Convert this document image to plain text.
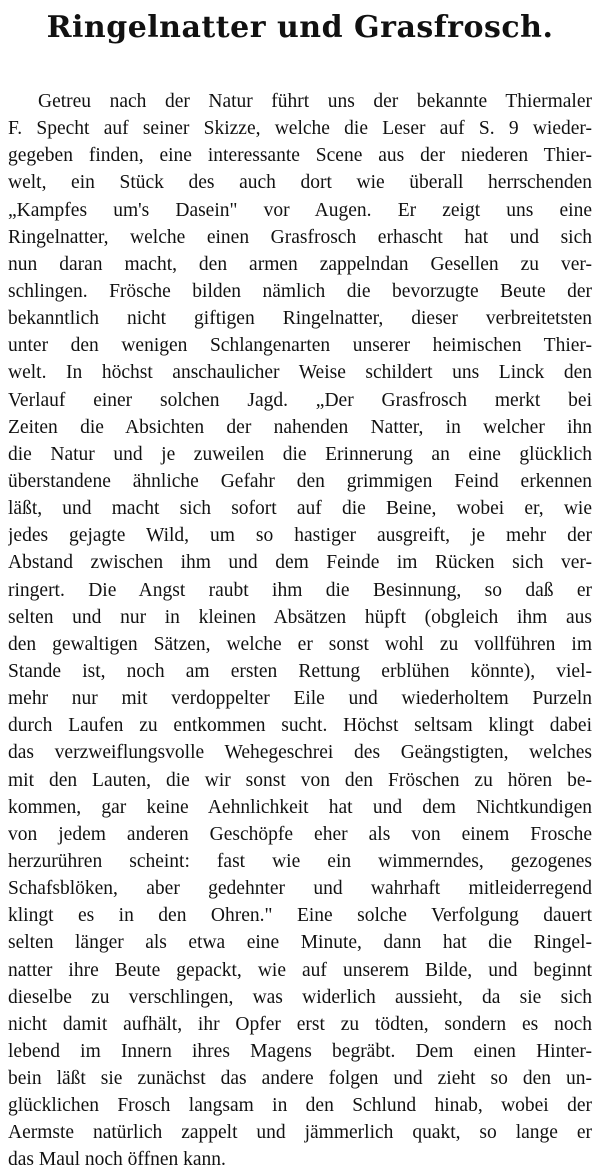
Ringelnatter und Grasfrosch.
Getreu nach der Natur führt uns der bekannte Thiermaler
F. Specht auf seiner Skizze, welche die Leser auf S. 9 wieder-
gegeben finden, eine interessante Scene aus der niederen Thier-
welt, ein Stück des auch dort wie überall herrschenden
„Kampfes um's Dasein" vor Augen. Er zeigt uns eine
Ringelnatter, welche einen Grasfrosch erhascht hat und sich
nun daran macht, den armen zappelndan Gesellen zu ver-
schlingen. Frösche bilden nämlich die bevorzugte Beute der
bekanntlich nicht giftigen Ringelnatter, dieser verbreitetsten
unter den wenigen Schlangenarten unserer heimischen Thier-
welt. In höchst anschaulicher Weise schildert uns Linck den
Verlauf einer solchen Jagd. „Der Grasfrosch merkt bei
Zeiten die Absichten der nahenden Natter, in welcher ihn
die Natur und je zuweilen die Erinnerung an eine glücklich
überstandene ähnliche Gefahr den grimmigen Feind erkennen
läßt, und macht sich sofort auf die Beine, wobei er, wie
jedes gejagte Wild, um so hastiger ausgreift, je mehr der
Abstand zwischen ihm und dem Feinde im Rücken sich ver-
ringert. Die Angst raubt ihm die Besinnung, so daß er
selten und nur in kleinen Absätzen hüpft (obgleich ihm aus
den gewaltigen Sätzen, welche er sonst wohl zu vollführen im
Stande ist, noch am ersten Rettung erblühen könnte), viel-
mehr nur mit verdoppelter Eile und wiederholtem Purzeln
durch Laufen zu entkommen sucht. Höchst seltsam klingt dabei
das verzweiflungsvolle Wehegeschrei des Geängstigten, welches
mit den Lauten, die wir sonst von den Fröschen zu hören be-
kommen, gar keine Aehnlichkeit hat und dem Nichtkundigen
von jedem anderen Geschöpfe eher als von einem Frosche
herzurühren scheint: fast wie ein wimmerndes, gezogenes
Schafsblöken, aber gedehnter und wahrhaft mitleiderregend
klingt es in den Ohren." Eine solche Verfolgung dauert
selten länger als etwa eine Minute, dann hat die Ringel-
natter ihre Beute gepackt, wie auf unserem Bilde, und beginnt
dieselbe zu verschlingen, was widerlich aussieht, da sie sich
nicht damit aufhält, ihr Opfer erst zu tödten, sondern es noch
lebend im Innern ihres Magens begräbt. Dem einen Hinter-
bein läßt sie zunächst das andere folgen und zieht so den un-
glücklichen Frosch langsam in den Schlund hinab, wobei der
Aermste natürlich zappelt und jämmerlich quakt, so lange er
das Maul noch öffnen kann.
